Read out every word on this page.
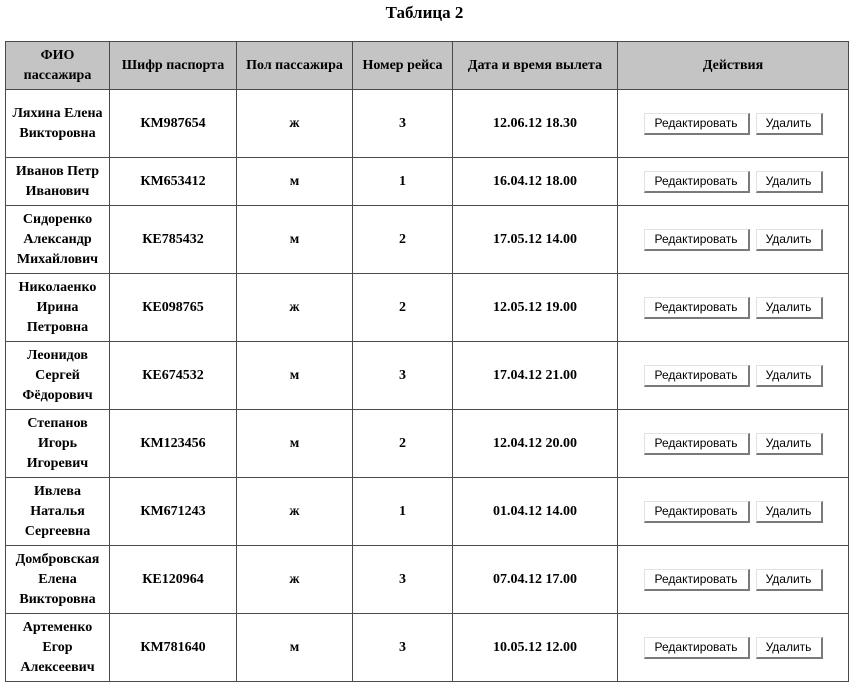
Таблица 2
ФИО пассажира	Шифр паспорта	Пол пассажира	Номер рейса	Дата и время вылета	Действия
Ляхина Елена Викторовна	КМ987654	ж	3	12.06.12 18.30	Редактировать Удалить
Иванов Петр Иванович	КМ653412	м	1	16.04.12 18.00	Редактировать Удалить
Сидоренко Александр Михайлович	КЕ785432	м	2	17.05.12 14.00	Редактировать Удалить
Николаенко Ирина Петровна	КЕ098765	ж	2	12.05.12 19.00	Редактировать Удалить
Леонидов Сергей Фёдорович	КЕ674532	м	3	17.04.12 21.00	Редактировать Удалить
Степанов Игорь Игоревич	КМ123456	м	2	12.04.12 20.00	Редактировать Удалить
Ивлева Наталья Сергеевна	КМ671243	ж	1	01.04.12 14.00	Редактировать Удалить
Домбровская Елена Викторовна	КЕ120964	ж	3	07.04.12 17.00	Редактировать Удалить
Артеменко Егор Алексеевич	КМ781640	м	3	10.05.12 12.00	Редактировать Удалить
